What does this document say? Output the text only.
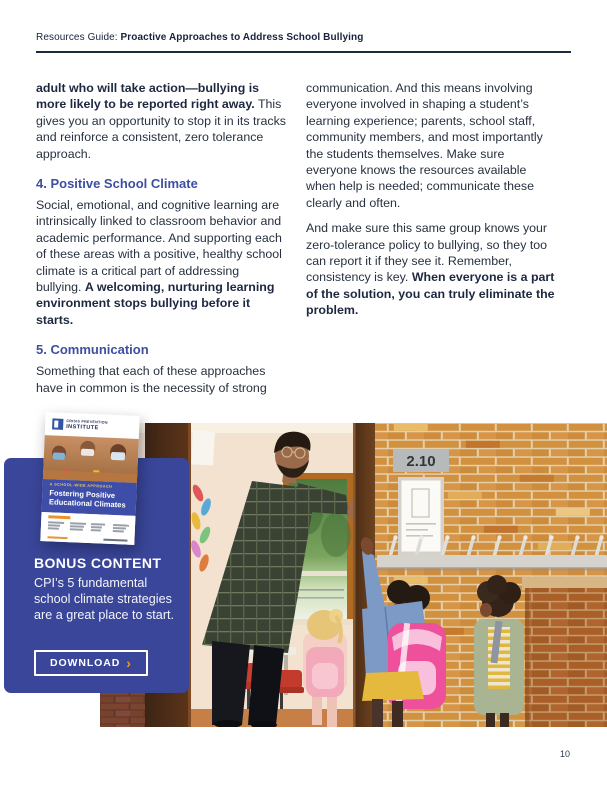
Resources Guide: Proactive Approaches to Address School Bullying

adult who will take action—bullying is more likely to be reported right away. This gives you an opportunity to stop it in its tracks and reinforce a consistent, zero tolerance approach.

4. Positive School Climate

Social, emotional, and cognitive learning are intrinsically linked to classroom behavior and academic performance. And supporting each of these areas with a positive, healthy school climate is a critical part of addressing bullying. A welcoming, nurturing learning environment stops bullying before it starts.

5. Communication

Something that each of these approaches have in common is the necessity of strong

communication. And this means involving everyone involved in shaping a student’s learning experience; parents, school staff, community members, and most importantly the students themselves. Make sure everyone knows the resources available when help is needed; communicate these clearly and often.

And make sure this same group knows your zero-tolerance policy to bullying, so they too can report it if they see it. Remember, consistency is key. When everyone is a part of the solution, you can truly eliminate the problem.

2.10
BONUS CONTENT
CPI’s 5 fundamental school climate strategies are a great place to start.
DOWNLOAD ›
CRISIS PREVENTION
INSTITUTE
A SCHOOL-WIDE APPROACH
Fostering Positive Educational Climates
10
